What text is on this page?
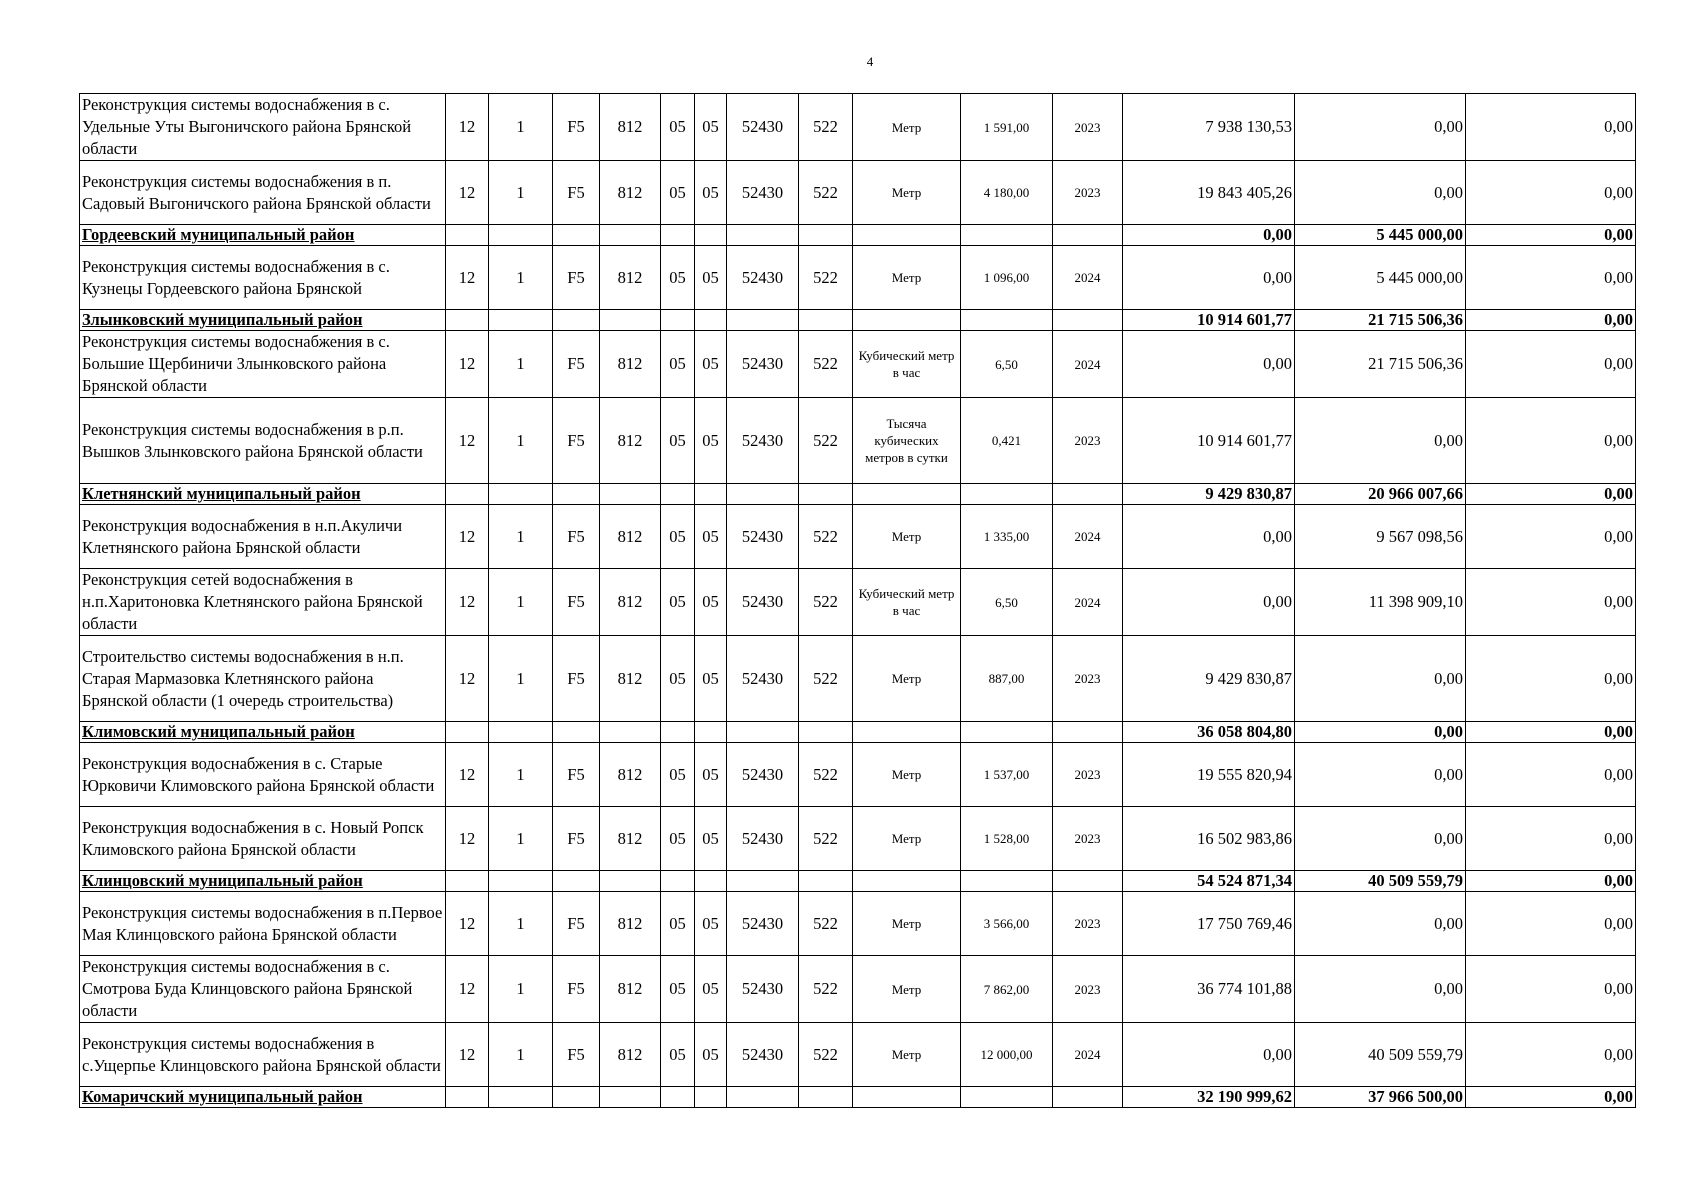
4
Реконструкция системы водоснабжения в с. Удельные Уты Выгоничского района Брянской области	12	1	F5	812	05	05	52430	522	Метр	1 591,00	2023	7 938 130,53	0,00	0,00
Реконструкция системы водоснабжения в п. Садовый Выгоничского района Брянской области	12	1	F5	812	05	05	52430	522	Метр	4 180,00	2023	19 843 405,26	0,00	0,00
Гордеевский муниципальный район												0,00	5 445 000,00	0,00
Реконструкция системы водоснабжения в с. Кузнецы Гордеевского района Брянской	12	1	F5	812	05	05	52430	522	Метр	1 096,00	2024	0,00	5 445 000,00	0,00
Злынковский муниципальный район												10 914 601,77	21 715 506,36	0,00
Реконструкция системы водоснабжения в с. Большие Щербиничи Злынковского района Брянской области	12	1	F5	812	05	05	52430	522	Кубический метр в час	6,50	2024	0,00	21 715 506,36	0,00
Реконструкция системы водоснабжения в р.п. Вышков Злынковского района Брянской области	12	1	F5	812	05	05	52430	522	Тысяча кубических метров в сутки	0,421	2023	10 914 601,77	0,00	0,00
Клетнянский муниципальный район												9 429 830,87	20 966 007,66	0,00
Реконструкция водоснабжения в н.п.Акуличи Клетнянского района Брянской области	12	1	F5	812	05	05	52430	522	Метр	1 335,00	2024	0,00	9 567 098,56	0,00
Реконструкция сетей водоснабжения в н.п.Харитоновка Клетнянского района Брянской области	12	1	F5	812	05	05	52430	522	Кубический метр в час	6,50	2024	0,00	11 398 909,10	0,00
Строительство системы водоснабжения в н.п. Старая Мармазовка Клетнянского района Брянской области (1 очередь строительства)	12	1	F5	812	05	05	52430	522	Метр	887,00	2023	9 429 830,87	0,00	0,00
Климовский муниципальный район												36 058 804,80	0,00	0,00
Реконструкция водоснабжения в с. Старые Юрковичи Климовского района Брянской области	12	1	F5	812	05	05	52430	522	Метр	1 537,00	2023	19 555 820,94	0,00	0,00
Реконструкция водоснабжения в с. Новый Ропск Климовского района Брянской области	12	1	F5	812	05	05	52430	522	Метр	1 528,00	2023	16 502 983,86	0,00	0,00
Клинцовский муниципальный район												54 524 871,34	40 509 559,79	0,00
Реконструкция системы водоснабжения в п.Первое Мая Клинцовского района Брянской области	12	1	F5	812	05	05	52430	522	Метр	3 566,00	2023	17 750 769,46	0,00	0,00
Реконструкция системы водоснабжения в с. Смотрова Буда Клинцовского района Брянской области	12	1	F5	812	05	05	52430	522	Метр	7 862,00	2023	36 774 101,88	0,00	0,00
Реконструкция системы водоснабжения в с.Ущерпье Клинцовского района Брянской области	12	1	F5	812	05	05	52430	522	Метр	12 000,00	2024	0,00	40 509 559,79	0,00
Комаричский муниципальный район												32 190 999,62	37 966 500,00	0,00
